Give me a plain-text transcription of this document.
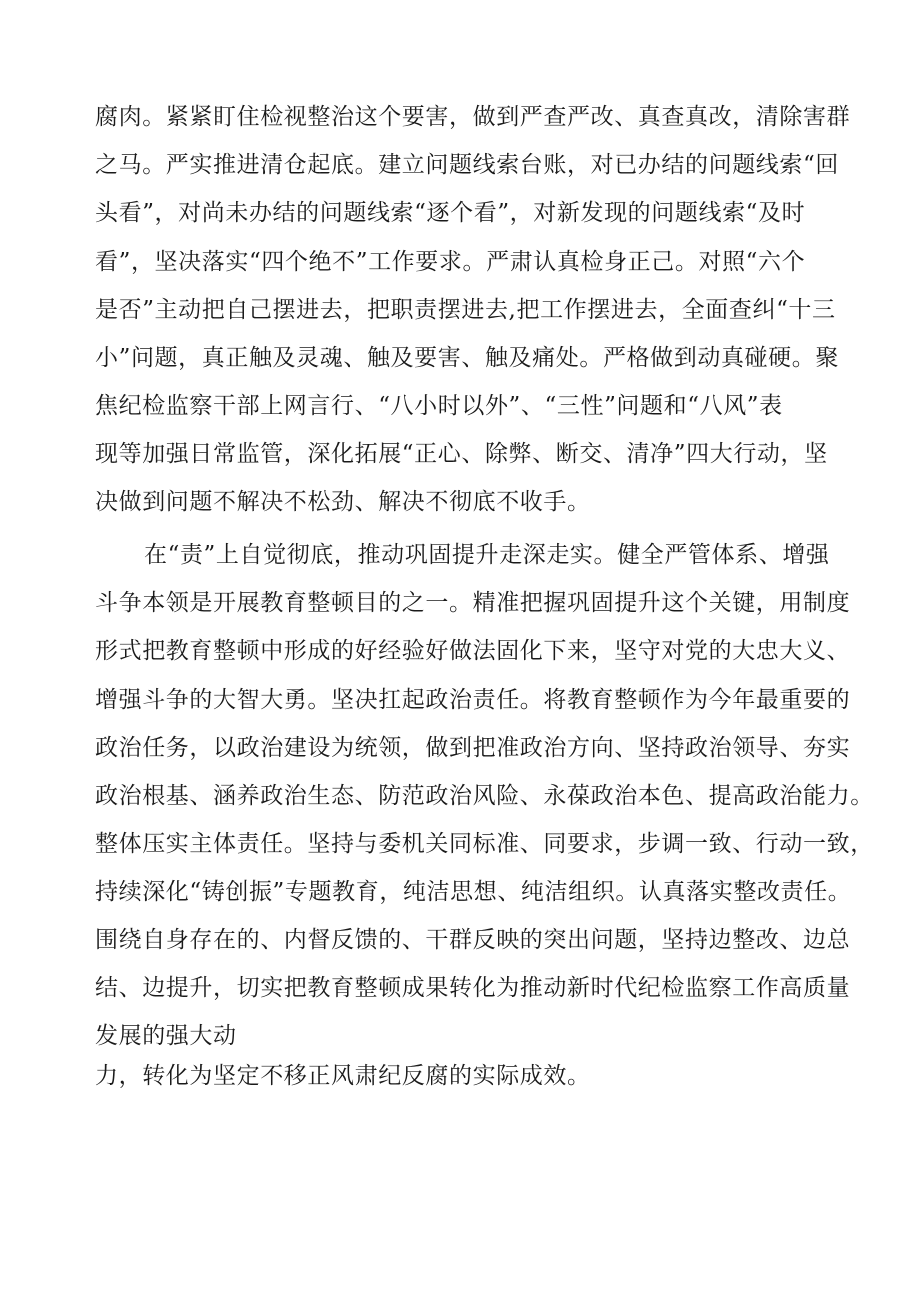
腐肉。紧紧盯住检视整治这个要害，做到严查严改、真查真改，清除害群
之马。严实推进清仓起底。建立问题线索台账，对已办结的问题线索“回
头看”，对尚未办结的问题线索“逐个看”，对新发现的问题线索“及时
看”，坚决落实“四个绝不”工作要求。严肃认真检身正己。对照“六个
是否”主动把自己摆进去，把职责摆进去,把工作摆进去，全面查纠“十三
小”问题，真正触及灵魂、触及要害、触及痛处。严格做到动真碰硬。聚
焦纪检监察干部上网言行、“八小时以外”、“三性”问题和“八风”表
现等加强日常监管，深化拓展“正心、除弊、断交、清净”四大行动，坚
决做到问题不解决不松劲、解决不彻底不收手。
在“责”上自觉彻底，推动巩固提升走深走实。健全严管体系、增强
斗争本领是开展教育整顿目的之一。精准把握巩固提升这个关键，用制度
形式把教育整顿中形成的好经验好做法固化下来，坚守对党的大忠大义、
增强斗争的大智大勇。坚决扛起政治责任。将教育整顿作为今年最重要的
政治任务，以政治建设为统领，做到把准政治方向、坚持政治领导、夯实
政治根基、涵养政治生态、防范政治风险、永葆政治本色、提高政治能力。
整体压实主体责任。坚持与委机关同标准、同要求，步调一致、行动一致，
持续深化“铸创振”专题教育，纯洁思想、纯洁组织。认真落实整改责任。
围绕自身存在的、内督反馈的、干群反映的突出问题，坚持边整改、边总
结、边提升，切实把教育整顿成果转化为推动新时代纪检监察工作高质量
发展的强大动
力，转化为坚定不移正风肃纪反腐的实际成效。
